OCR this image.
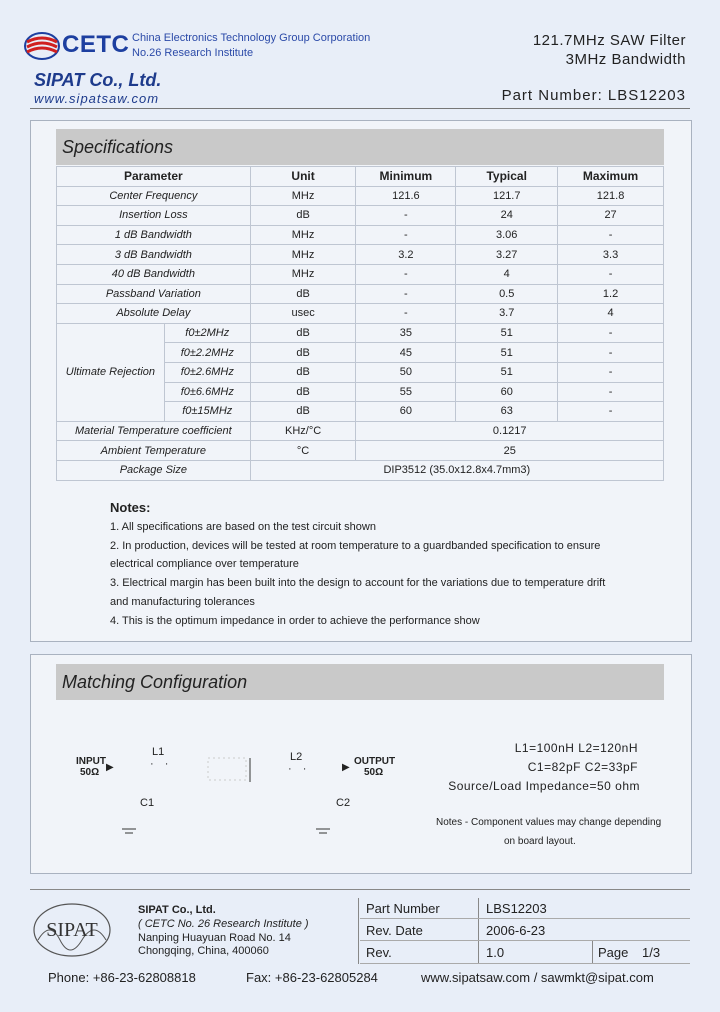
CETC China Electronics Technology Group Corporation
No.26 Research Institute
SIPAT Co., Ltd.
www.sipatsaw.com
121.7MHz SAW Filter
3MHz Bandwidth
Part Number: LBS12203
Specifications
Parameter		Unit	Minimum	Typical	Maximum
Center Frequency		MHz	121.6	121.7	121.8
Insertion Loss		dB	-	24	27
1 dB Bandwidth		MHz	-	3.06	-
3 dB Bandwidth		MHz	3.2	3.27	3.3
40 dB Bandwidth		MHz	-	4	-
Passband Variation		dB	-	0.5	1.2
Absolute Delay		usec	-	3.7	4
Ultimate Rejection	f0±2MHz	dB	35	51	-
	f0±2.2MHz	dB	45	51	-
	f0±2.6MHz	dB	50	51	-
	f0±6.6MHz	dB	55	60	-
	f0±15MHz	dB	60	63	-
Material Temperature coefficient		KHz/°C	0.1217		
Ambient Temperature		°C	25		
Package Size		DIP3512 (35.0x12.8x4.7mm3)			
Notes:
1. All specifications are based on the test circuit shown
2. In production, devices will be tested at room temperature to a guardbanded specification to ensure
electrical compliance over temperature
3. Electrical margin has been built into the design to account for the variations due to temperature drift
and manufacturing tolerances
4. This is the optimum impedance in order to achieve the performance show
Matching Configuration
INPUT
50Ω ▶
L1
· ·
L2
· ·	▶
OUTPUT
50Ω
C1	C2
L1=100nH L2=120nH
C1=82pF C2=33pF
Source/Load Impedance=50 ohm
Notes - Component values may change depending
on board layout.
SIPAT
SIPAT Co., Ltd.
( CETC No. 26 Research Institute )
Nanping Huayuan Road No. 14
Chongqing, China, 400060
Part Number	LBS12203
Rev. Date	2006-6-23
Rev.	1.0	Page 1/3
Phone: +86-23-62808818	Fax: +86-23-62805284	www.sipatsaw.com / sawmkt@sipat.com
